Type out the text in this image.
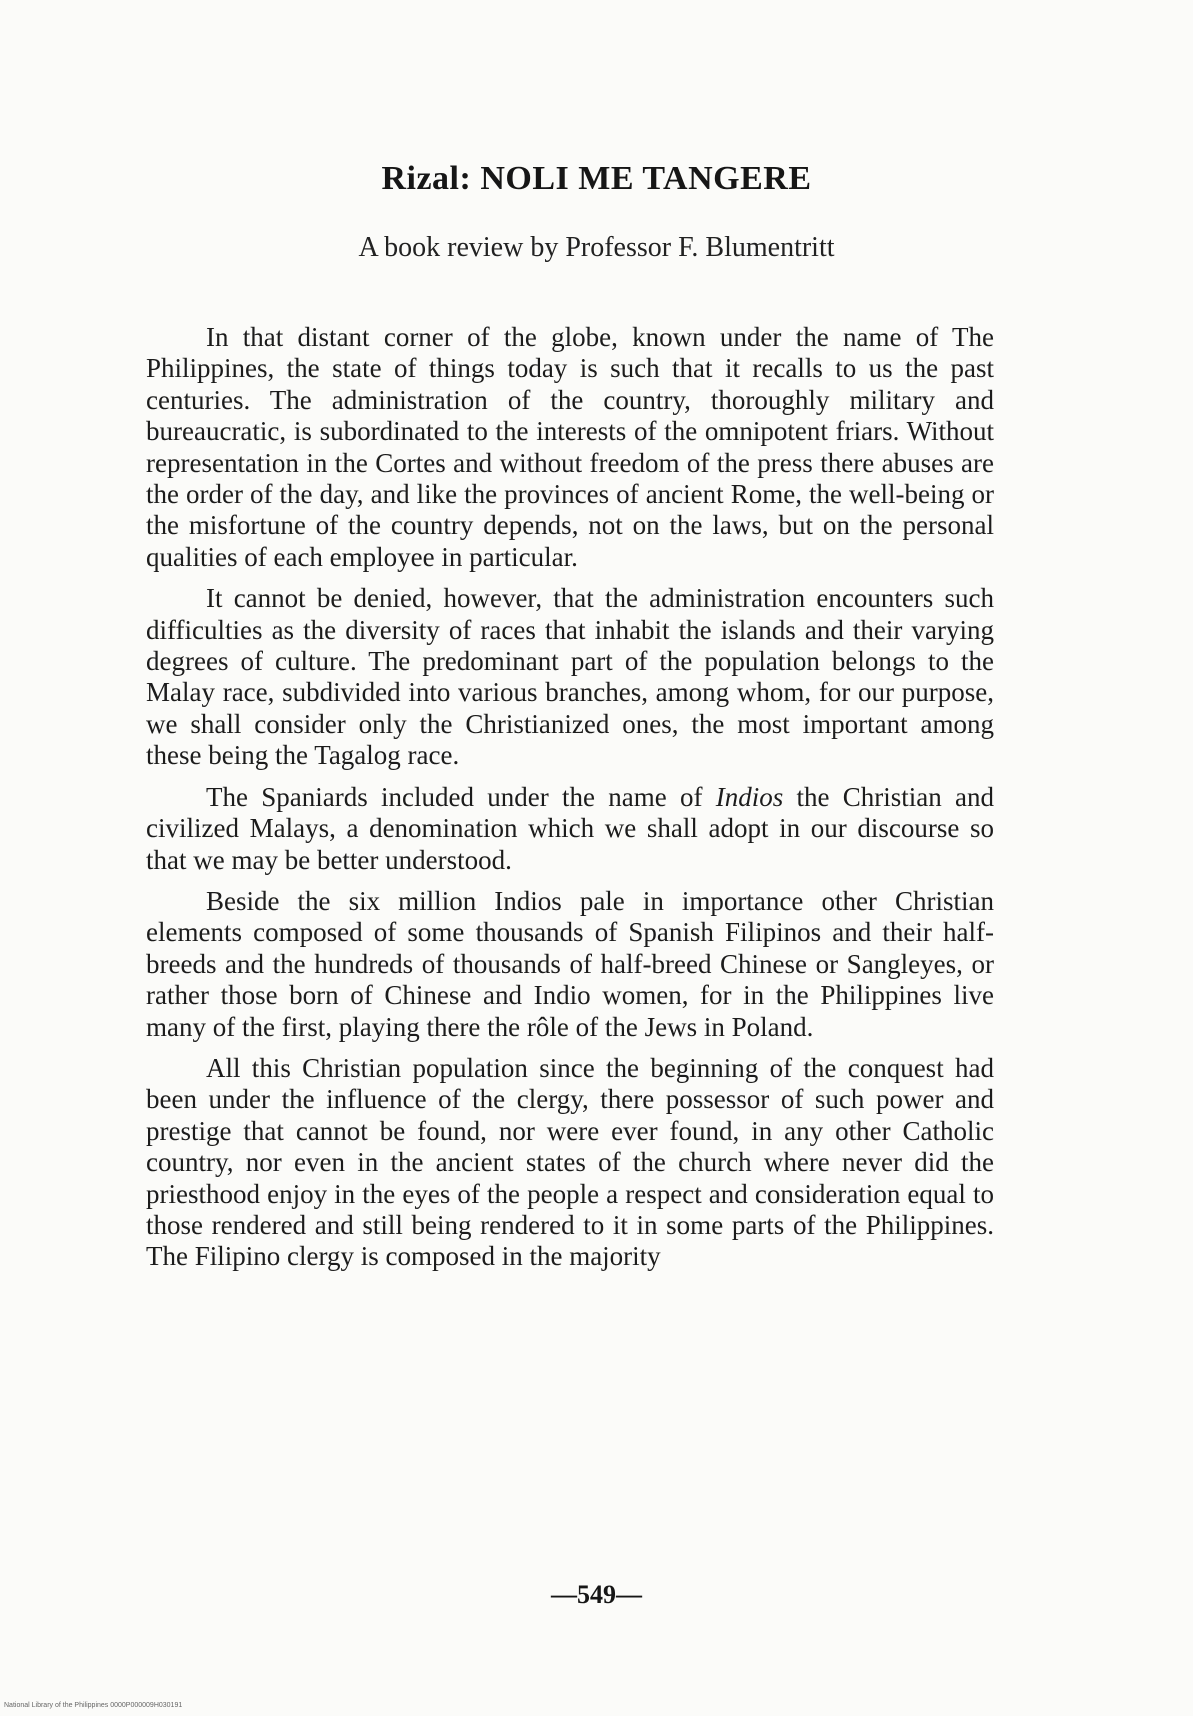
Rizal: NOLI ME TANGERE
A book review by Professor F. Blumentritt

In that distant corner of the globe, known under the name of The Philippines, the state of things today is such that it recalls to us the past centuries. The administration of the country, thoroughly military and bureaucratic, is subordinated to the interests of the omnipotent friars. Without representation in the Cortes and without freedom of the press there abuses are the order of the day, and like the provinces of ancient Rome, the well-being or the misfortune of the country depends, not on the laws, but on the personal qualities of each employee in particular.

It cannot be denied, however, that the administration encounters such difficulties as the diversity of races that inhabit the islands and their varying degrees of culture. The predominant part of the population belongs to the Malay race, subdivided into various branches, among whom, for our purpose, we shall consider only the Christianized ones, the most important among these being the Tagalog race.

The Spaniards included under the name of Indios the Christian and civilized Malays, a denomination which we shall adopt in our discourse so that we may be better understood.

Beside the six million Indios pale in importance other Christian elements composed of some thousands of Spanish Filipinos and their half-breeds and the hundreds of thousands of half-breed Chinese or Sangleyes, or rather those born of Chinese and Indio women, for in the Philippines live many of the first, playing there the rôle of the Jews in Poland.

All this Christian population since the beginning of the conquest had been under the influence of the clergy, there possessor of such power and prestige that cannot be found, nor were ever found, in any other Catholic country, nor even in the ancient states of the church where never did the priesthood enjoy in the eyes of the people a respect and consideration equal to those rendered and still being rendered to it in some parts of the Philippines. The Filipino clergy is composed in the majority

—549—
National Library of the Philippines 0000P000009H030191
